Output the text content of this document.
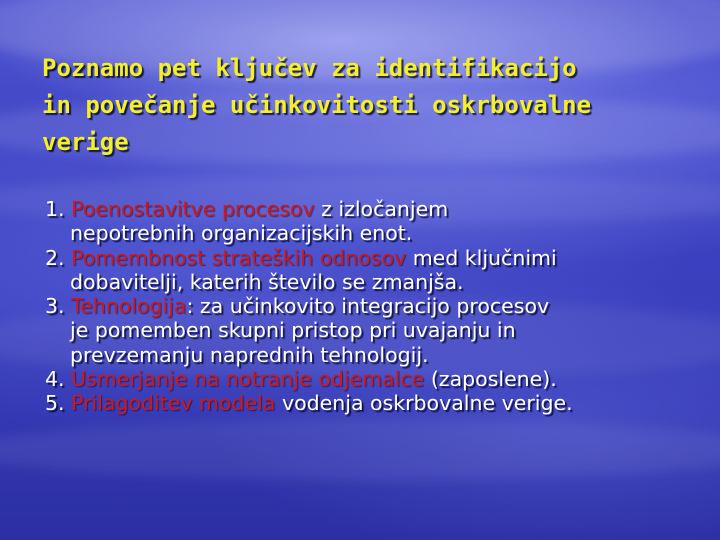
Poznamo pet ključev za identifikacijo
in povečanje učinkovitosti oskrbovalne
verige
1. Poenostavitve procesov z izločanjem
nepotrebnih organizacijskih enot.
2. Pomembnost strateških odnosov med ključnimi
dobavitelji, katerih število se zmanjša.
3. Tehnologija: za učinkovito integracijo procesov
je pomemben skupni pristop pri uvajanju in
prevzemanju naprednih tehnologij.
4. Usmerjanje na notranje odjemalce (zaposlene).
5. Prilagoditev modela vodenja oskrbovalne verige.
